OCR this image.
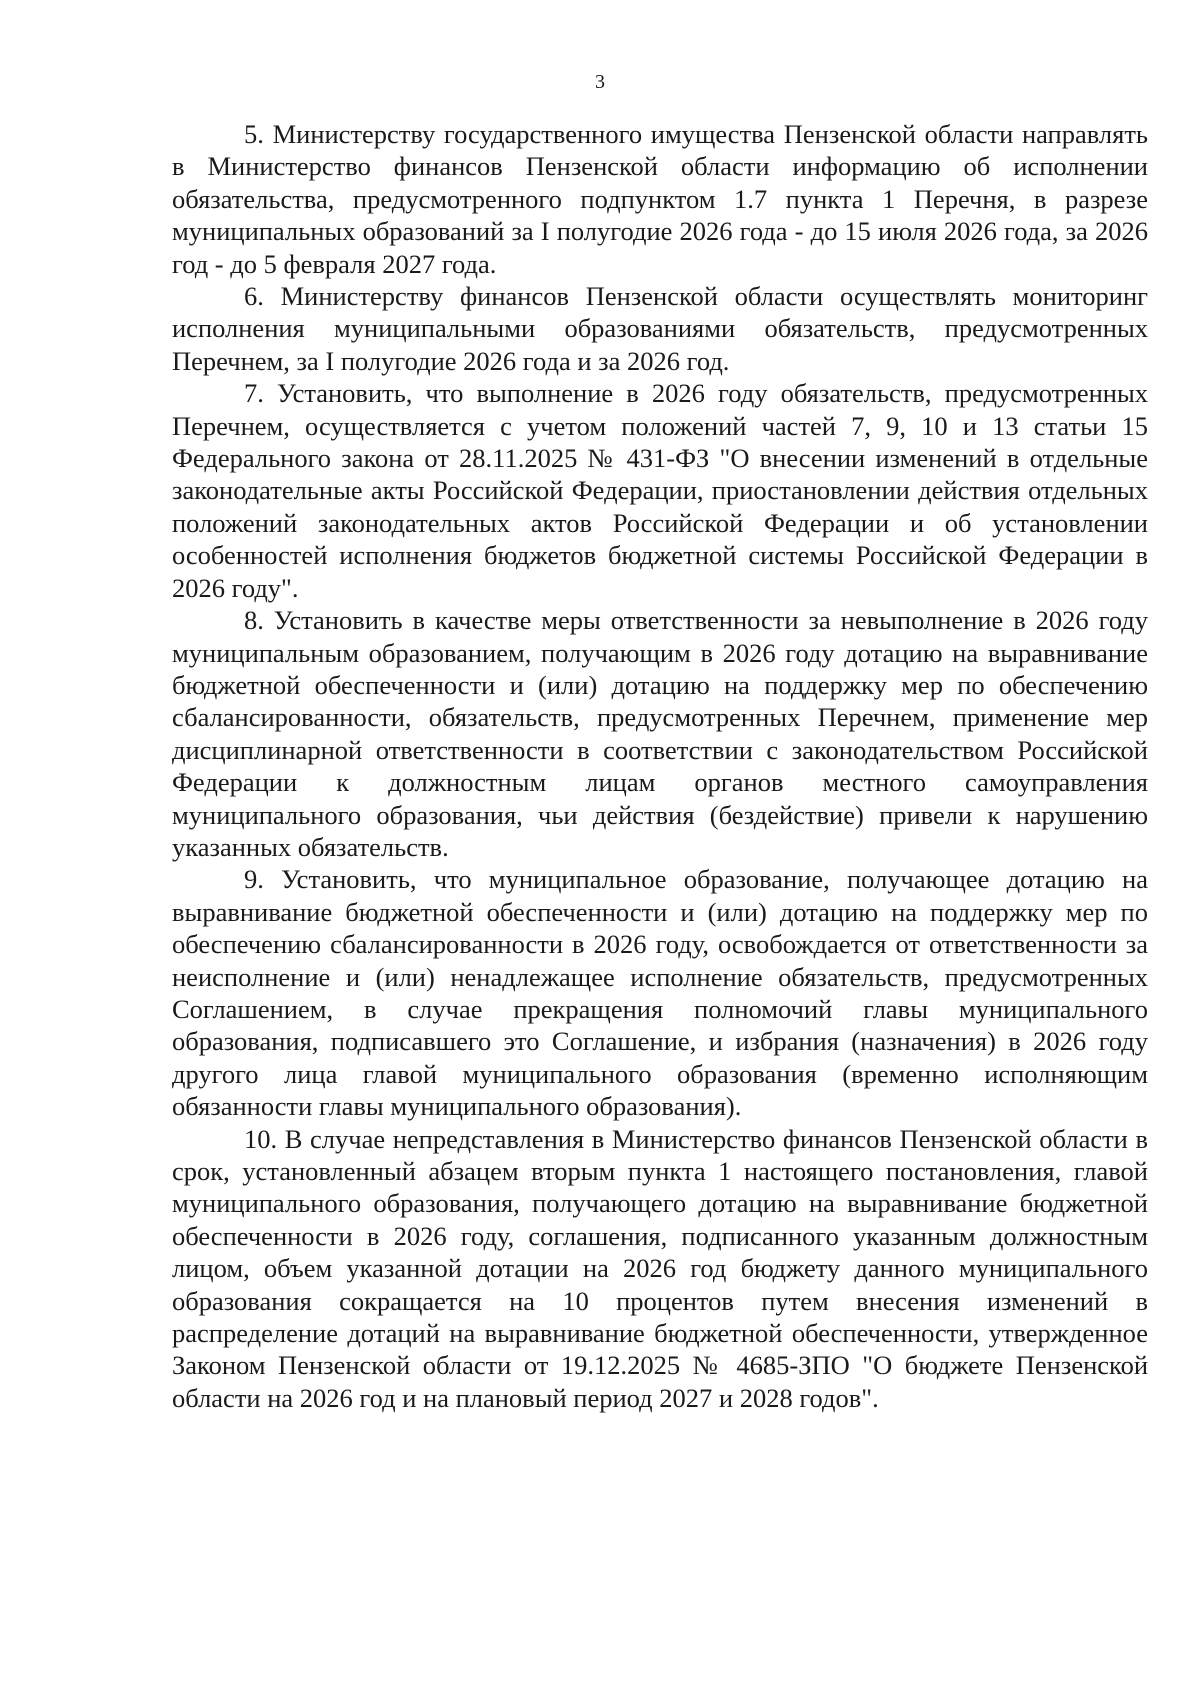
3

5. Министерству государственного имущества Пензенской области направлять в Министерство финансов Пензенской области информацию об исполнении обязательства, предусмотренного подпунктом 1.7 пункта 1 Перечня, в разрезе муниципальных образований за I полугодие 2026 года - до 15 июля 2026 года, за 2026 год - до 5 февраля 2027 года.

6. Министерству финансов Пензенской области осуществлять мониторинг исполнения муниципальными образованиями обязательств, предусмотренных Перечнем, за I полугодие 2026 года и за 2026 год.

7. Установить, что выполнение в 2026 году обязательств, предусмотренных Перечнем, осуществляется с учетом положений частей 7, 9, 10 и 13 статьи 15 Федерального закона от 28.11.2025 № 431-ФЗ "О внесении изменений в отдельные законодательные акты Российской Федерации, приостановлении действия отдельных положений законодательных актов Российской Федерации и об установлении особенностей исполнения бюджетов бюджетной системы Российской Федерации в 2026 году".

8. Установить в качестве меры ответственности за невыполнение в 2026 году муниципальным образованием, получающим в 2026 году дотацию на выравнивание бюджетной обеспеченности и (или) дотацию на поддержку мер по обеспечению сбалансированности, обязательств, предусмотренных Перечнем, применение мер дисциплинарной ответственности в соответствии с законодательством Российской Федерации к должностным лицам органов местного самоуправления муниципального образования, чьи действия (бездействие) привели к нарушению указанных обязательств.

9. Установить, что муниципальное образование, получающее дотацию на выравнивание бюджетной обеспеченности и (или) дотацию на поддержку мер по обеспечению сбалансированности в 2026 году, освобождается от ответственности за неисполнение и (или) ненадлежащее исполнение обязательств, предусмотренных Соглашением, в случае прекращения полномочий главы муниципального образования, подписавшего это Соглашение, и избрания (назначения) в 2026 году другого лица главой муниципального образования (временно исполняющим обязанности главы муниципального образования).

10. В случае непредставления в Министерство финансов Пензенской области в срок, установленный абзацем вторым пункта 1 настоящего постановления, главой муниципального образования, получающего дотацию на выравнивание бюджетной обеспеченности в 2026 году, соглашения, подписанного указанным должностным лицом, объем указанной дотации на 2026 год бюджету данного муниципального образования сокращается на 10 процентов путем внесения изменений в распределение дотаций на выравнивание бюджетной обеспеченности, утвержденное Законом Пензенской области от 19.12.2025 № 4685-ЗПО "О бюджете Пензенской области на 2026 год и на плановый период 2027 и 2028 годов".
